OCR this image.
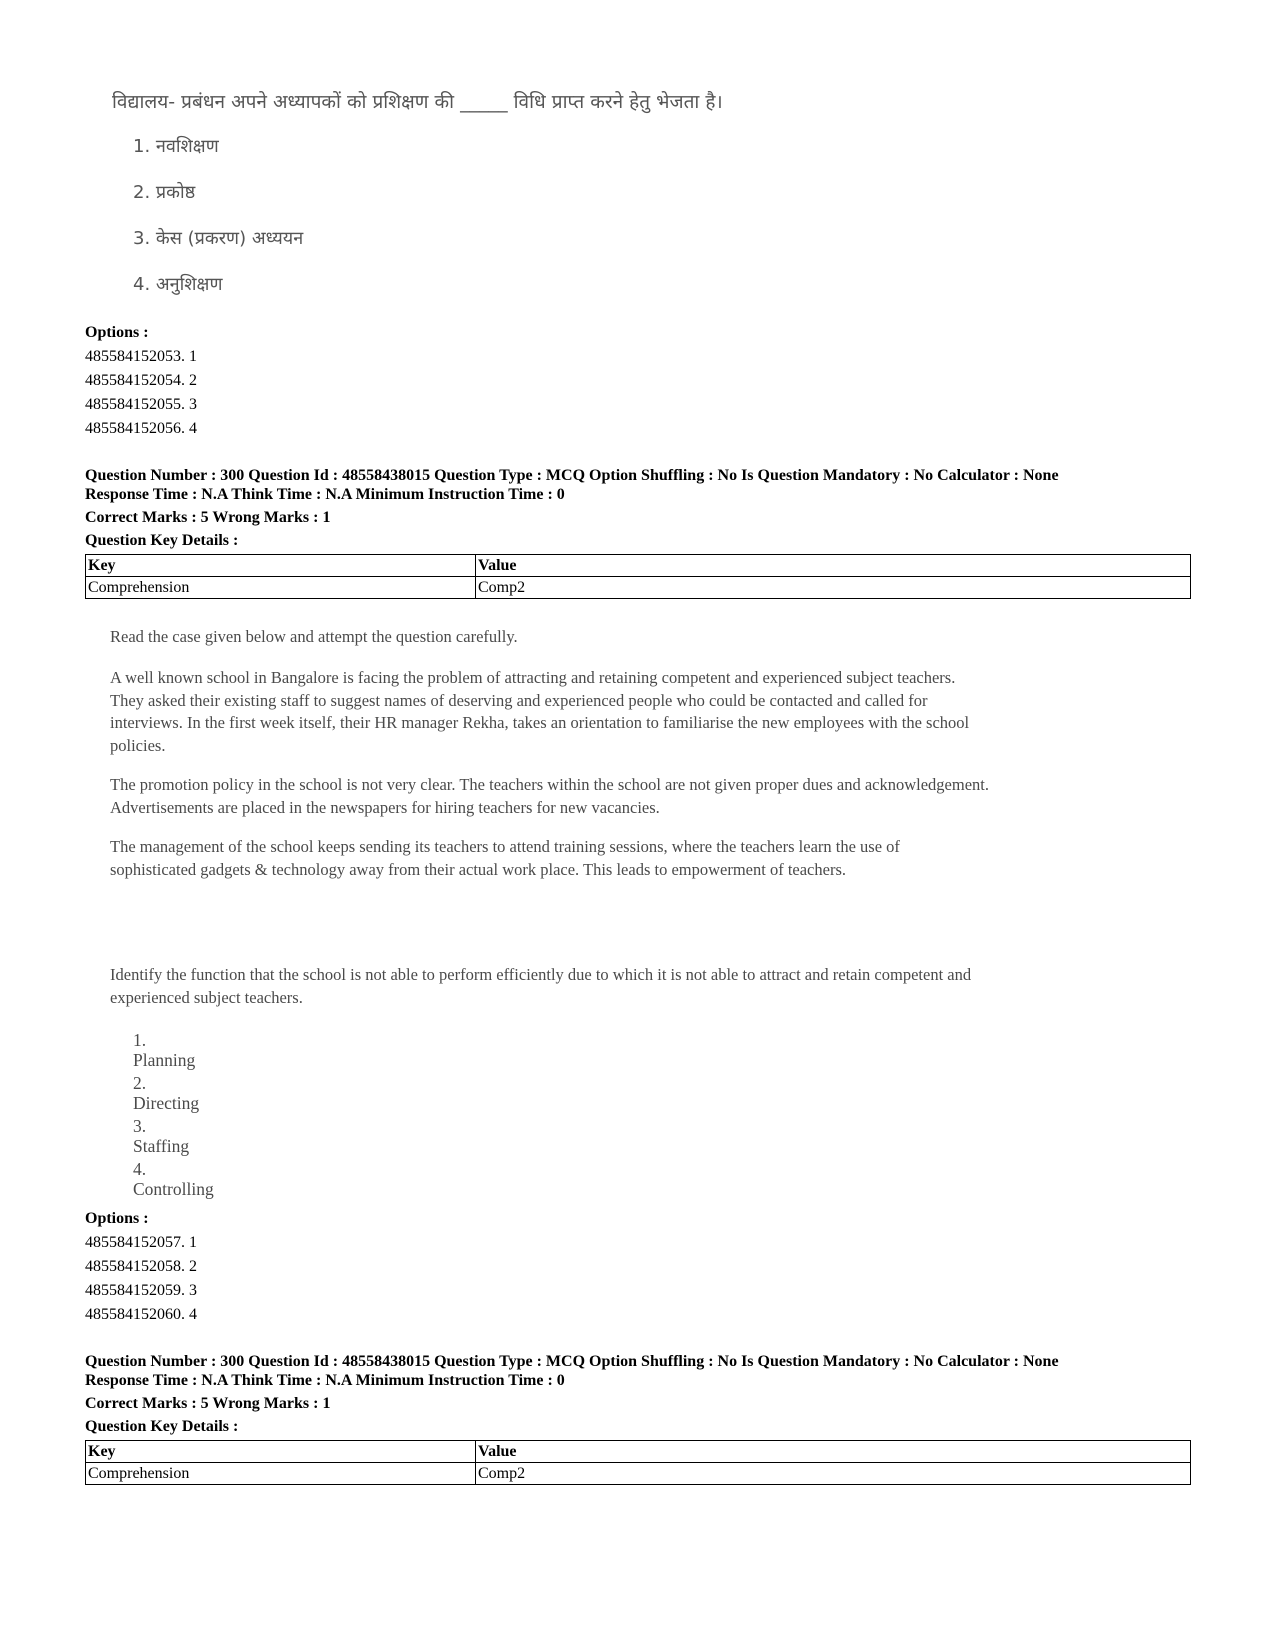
विद्यालय- प्रबंधन अपने अध्यापकों को प्रशिक्षण की _____ विधि प्राप्त करने हेतु भेजता है।
1. नवशिक्षण
2. प्रकोष्ठ
3. केस (प्रकरण) अध्ययन
4. अनुशिक्षण
Options :
485584152053. 1
485584152054. 2
485584152055. 3
485584152056. 4
Question Number : 300 Question Id : 48558438015 Question Type : MCQ Option Shuffling : No Is Question Mandatory : No Calculator : None
Response Time : N.A Think Time : N.A Minimum Instruction Time : 0
Correct Marks : 5 Wrong Marks : 1
Question Key Details :
Key	Value
Comprehension	Comp2
Read the case given below and attempt the question carefully.
A well known school in Bangalore is facing the problem of attracting and retaining competent and experienced subject teachers. They asked their existing staff to suggest names of deserving and experienced people who could be contacted and called for interviews. In the first week itself, their HR manager Rekha, takes an orientation to familiarise the new employees with the school policies.
The promotion policy in the school is not very clear. The teachers within the school are not given proper dues and acknowledgement. Advertisements are placed in the newspapers for hiring teachers for new vacancies.
The management of the school keeps sending its teachers to attend training sessions, where the teachers learn the use of sophisticated gadgets & technology away from their actual work place. This leads to empowerment of teachers.
Identify the function that the school is not able to perform efficiently due to which it is not able to attract and retain competent and experienced subject teachers.
1. Planning
2. Directing
3. Staffing
4. Controlling
Options :
485584152057. 1
485584152058. 2
485584152059. 3
485584152060. 4
Question Number : 300 Question Id : 48558438015 Question Type : MCQ Option Shuffling : No Is Question Mandatory : No Calculator : None
Response Time : N.A Think Time : N.A Minimum Instruction Time : 0
Correct Marks : 5 Wrong Marks : 1
Question Key Details :
Key	Value
Comprehension	Comp2
